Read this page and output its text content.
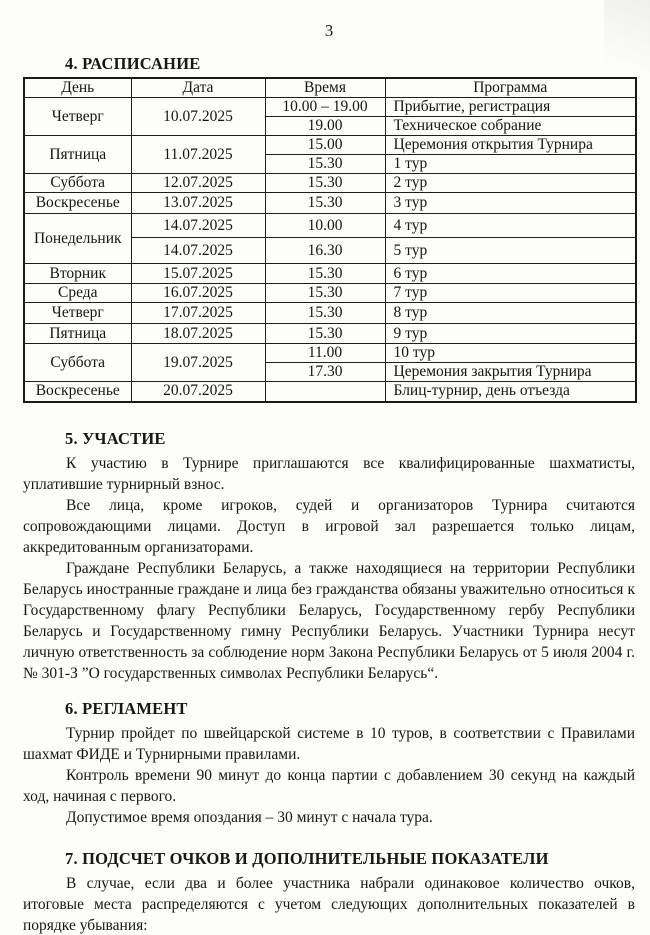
3
4. РАСПИСАНИЕ
День	Дата	Время	Программа
Четверг	10.07.2025	10.00 – 19.00	Прибытие, регистрация
		19.00	Техническое собрание
Пятница	11.07.2025	15.00	Церемония открытия Турнира
		15.30	1 тур
Суббота	12.07.2025	15.30	2 тур
Воскресенье	13.07.2025	15.30	3 тур
Понедельник	14.07.2025	10.00	4 тур
	14.07.2025	16.30	5 тур
Вторник	15.07.2025	15.30	6 тур
Среда	16.07.2025	15.30	7 тур
Четверг	17.07.2025	15.30	8 тур
Пятница	18.07.2025	15.30	9 тур
Суббота	19.07.2025	11.00	10 тур
		17.30	Церемония закрытия Турнира
Воскресенье	20.07.2025		Блиц-турнир, день отъезда
5. УЧАСТИЕ

К участию в Турнире приглашаются все квалифицированные шахматисты, уплатившие турнирный взнос.

Все лица, кроме игроков, судей и организаторов Турнира считаются сопровождающими лицами. Доступ в игровой зал разрешается только лицам, аккредитованным организаторами.

Граждане Республики Беларусь, а также находящиеся на территории Республики Беларусь иностранные граждане и лица без гражданства обязаны уважительно относиться к Государственному флагу Республики Беларусь, Государственному гербу Республики Беларусь и Государственному гимну Республики Беларусь. Участники Турнира несут личную ответственность за соблюдение норм Закона Республики Беларусь от 5 июля 2004 г. № 301-З ”О государственных символах Республики Беларусь“.

6. РЕГЛАМЕНТ

Турнир пройдет по швейцарской системе в 10 туров, в соответствии с Правилами шахмат ФИДЕ и Турнирными правилами.

Контроль времени 90 минут до конца партии с добавлением 30 секунд на каждый ход, начиная с первого.

Допустимое время опоздания – 30 минут с начала тура.

7. ПОДСЧЕТ ОЧКОВ И ДОПОЛНИТЕЛЬНЫЕ ПОКАЗАТЕЛИ

В случае, если два и более участника набрали одинаковое количество очков, итоговые места распределяются с учетом следующих дополнительных показателей в порядке убывания:
